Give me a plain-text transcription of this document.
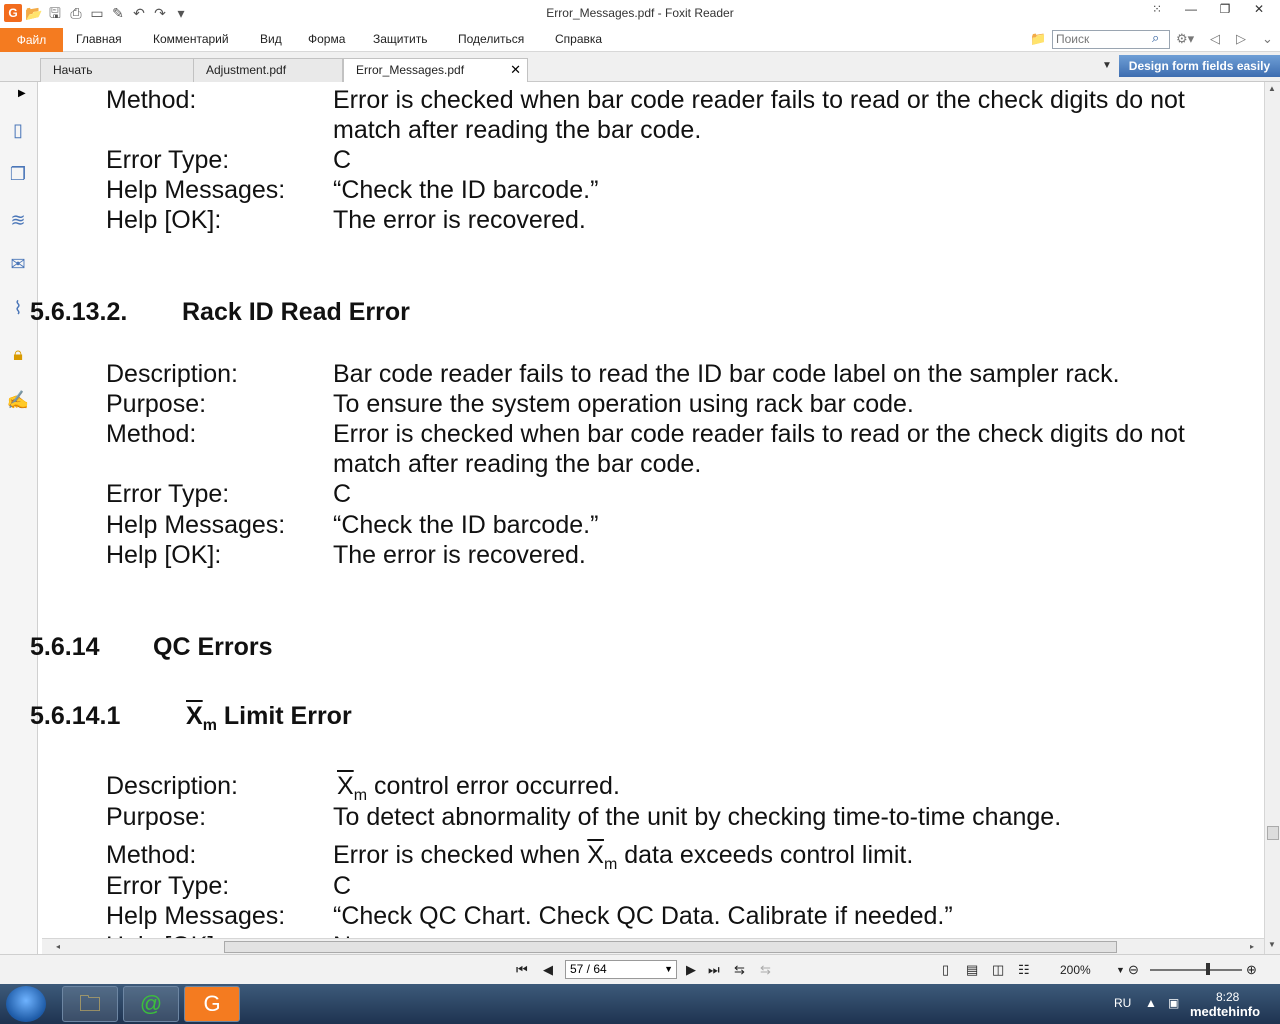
G 📂 🖫 ⎙ ▭ ✎ ↶ ↷ ▾	Error_Messages.pdf - Foxit Reader	⁙	—	❐	✕
Файл	Главная	Комментарий	Вид Форма Защитить	Поделиться	Справка	📁 Поиск	⌕ ⚙▾ ◁ ▷ ⌄
Начать	Adjustment.pdf	Error_Messages.pdf	✕	▼	Design form fields easily
▶
▯
❐
≋
✉
⌇
🔒︎
✍
Method:	Error is checked when bar code reader fails to read or the check digits do not
match after reading the bar code.
Error Type:	C
Help Messages: “Check the ID barcode.”
Help [OK]:	The error is recovered.
5.6.13.2. Rack ID Read Error
Description:	Bar code reader fails to read the ID bar code label on the sampler rack.
Purpose:	To ensure the system operation using rack bar code.
Method:	Error is checked when bar code reader fails to read or the check digits do not
match after reading the bar code.
Error Type:	C
Help Messages: “Check the ID barcode.”
Help [OK]:	The error is recovered.
5.6.14 QC Errors
5.6.14.1	$\overline{X}_m$ Limit Error
Description:	$\overline{X}_m$ control error occurred.
Purpose:	To detect abnormality of the unit by checking time-to-time change.
Method:	Error is checked when $\overline{X}_m$ data exceeds control limit.
Error Type:	C
Help Messages: “Check QC Chart. Check QC Data. Calibrate if needed.”
▲
▼
◂	▸
⏮ ◀	57 / 64	▼ ▶ ⏭ ⇆ ⇆	▯ ▤ ◫ ☷	200%	▼ ⊖	⊕
🗀	@	G	RU ▲ ▣	8:28
medtehinfo
